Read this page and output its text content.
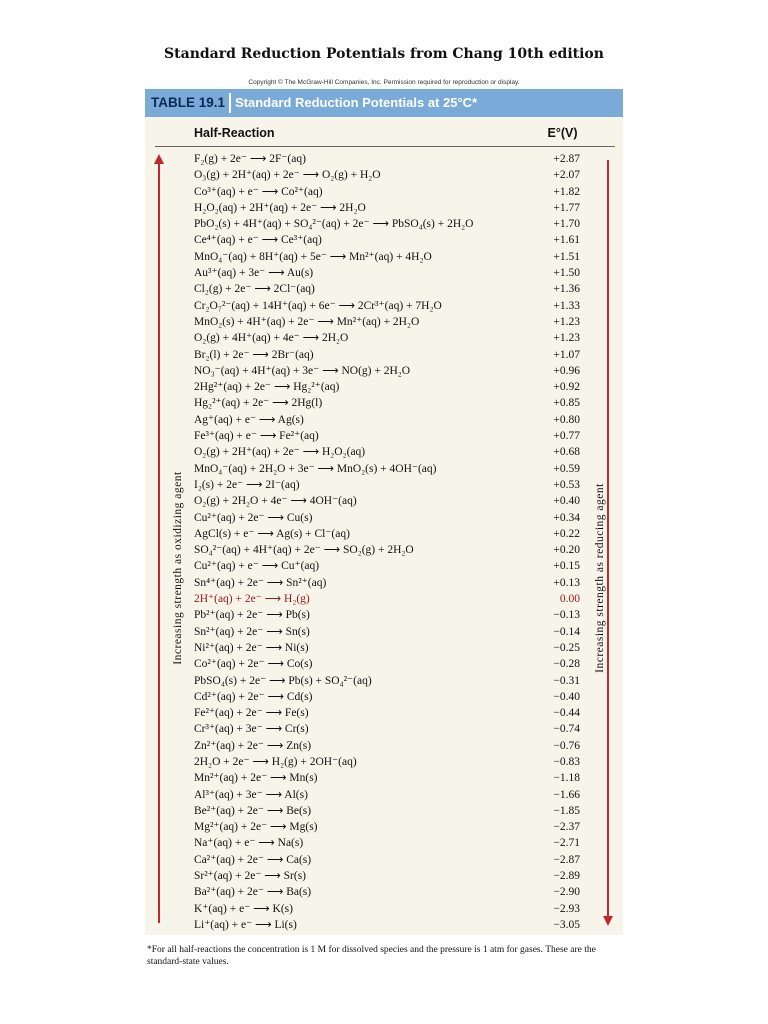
Standard Reduction Potentials from Chang 10th edition
Copyright © The McGraw-Hill Companies, Inc. Permission required for reproduction or display.
TABLE 19.1 Standard Reduction Potentials at 25°C*
Half-Reaction	E°(V)
Increasing strength as oxidizing agent	Increasing strength as reducing agent
F₂(g) + 2e⁻ ⟶ 2F⁻(aq)	+2.87
O₃(g) + 2H⁺(aq) + 2e⁻ ⟶ O₂(g) + H₂O	+2.07
Co³⁺(aq) + e⁻ ⟶ Co²⁺(aq)	+1.82
H₂O₂(aq) + 2H⁺(aq) + 2e⁻ ⟶ 2H₂O	+1.77
PbO₂(s) + 4H⁺(aq) + SO₄²⁻(aq) + 2e⁻ ⟶ PbSO₄(s) + 2H₂O	+1.70
Ce⁴⁺(aq) + e⁻ ⟶ Ce³⁺(aq)	+1.61
MnO₄⁻(aq) + 8H⁺(aq) + 5e⁻ ⟶ Mn²⁺(aq) + 4H₂O	+1.51
Au³⁺(aq) + 3e⁻ ⟶ Au(s)	+1.50
Cl₂(g) + 2e⁻ ⟶ 2Cl⁻(aq)	+1.36
Cr₂O₇²⁻(aq) + 14H⁺(aq) + 6e⁻ ⟶ 2Cr³⁺(aq) + 7H₂O	+1.33
MnO₂(s) + 4H⁺(aq) + 2e⁻ ⟶ Mn²⁺(aq) + 2H₂O	+1.23
O₂(g) + 4H⁺(aq) + 4e⁻ ⟶ 2H₂O	+1.23
Br₂(l) + 2e⁻ ⟶ 2Br⁻(aq)	+1.07
NO₃⁻(aq) + 4H⁺(aq) + 3e⁻ ⟶ NO(g) + 2H₂O	+0.96
2Hg²⁺(aq) + 2e⁻ ⟶ Hg₂²⁺(aq)	+0.92
Hg₂²⁺(aq) + 2e⁻ ⟶ 2Hg(l)	+0.85
Ag⁺(aq) + e⁻ ⟶ Ag(s)	+0.80
Fe³⁺(aq) + e⁻ ⟶ Fe²⁺(aq)	+0.77
O₂(g) + 2H⁺(aq) + 2e⁻ ⟶ H₂O₂(aq)	+0.68
MnO₄⁻(aq) + 2H₂O + 3e⁻ ⟶ MnO₂(s) + 4OH⁻(aq)	+0.59
I₂(s) + 2e⁻ ⟶ 2I⁻(aq)	+0.53
O₂(g) + 2H₂O + 4e⁻ ⟶ 4OH⁻(aq)	+0.40
Cu²⁺(aq) + 2e⁻ ⟶ Cu(s)	+0.34
AgCl(s) + e⁻ ⟶ Ag(s) + Cl⁻(aq)	+0.22
SO₄²⁻(aq) + 4H⁺(aq) + 2e⁻ ⟶ SO₂(g) + 2H₂O	+0.20
Cu²⁺(aq) + e⁻ ⟶ Cu⁺(aq)	+0.15
Sn⁴⁺(aq) + 2e⁻ ⟶ Sn²⁺(aq)	+0.13
2H⁺(aq) + 2e⁻ ⟶ H₂(g)	0.00
Pb²⁺(aq) + 2e⁻ ⟶ Pb(s)	−0.13
Sn²⁺(aq) + 2e⁻ ⟶ Sn(s)	−0.14
Ni²⁺(aq) + 2e⁻ ⟶ Ni(s)	−0.25
Co²⁺(aq) + 2e⁻ ⟶ Co(s)	−0.28
PbSO₄(s) + 2e⁻ ⟶ Pb(s) + SO₄²⁻(aq)	−0.31
Cd²⁺(aq) + 2e⁻ ⟶ Cd(s)	−0.40
Fe²⁺(aq) + 2e⁻ ⟶ Fe(s)	−0.44
Cr³⁺(aq) + 3e⁻ ⟶ Cr(s)	−0.74
Zn²⁺(aq) + 2e⁻ ⟶ Zn(s)	−0.76
2H₂O + 2e⁻ ⟶ H₂(g) + 2OH⁻(aq)	−0.83
Mn²⁺(aq) + 2e⁻ ⟶ Mn(s)	−1.18
Al³⁺(aq) + 3e⁻ ⟶ Al(s)	−1.66
Be²⁺(aq) + 2e⁻ ⟶ Be(s)	−1.85
Mg²⁺(aq) + 2e⁻ ⟶ Mg(s)	−2.37
Na⁺(aq) + e⁻ ⟶ Na(s)	−2.71
Ca²⁺(aq) + 2e⁻ ⟶ Ca(s)	−2.87
Sr²⁺(aq) + 2e⁻ ⟶ Sr(s)	−2.89
Ba²⁺(aq) + 2e⁻ ⟶ Ba(s)	−2.90
K⁺(aq) + e⁻ ⟶ K(s)	−2.93
Li⁺(aq) + e⁻ ⟶ Li(s)	−3.05
*For all half-reactions the concentration is 1 M for dissolved species and the pressure is 1 atm for gases. These are the standard-state values.
